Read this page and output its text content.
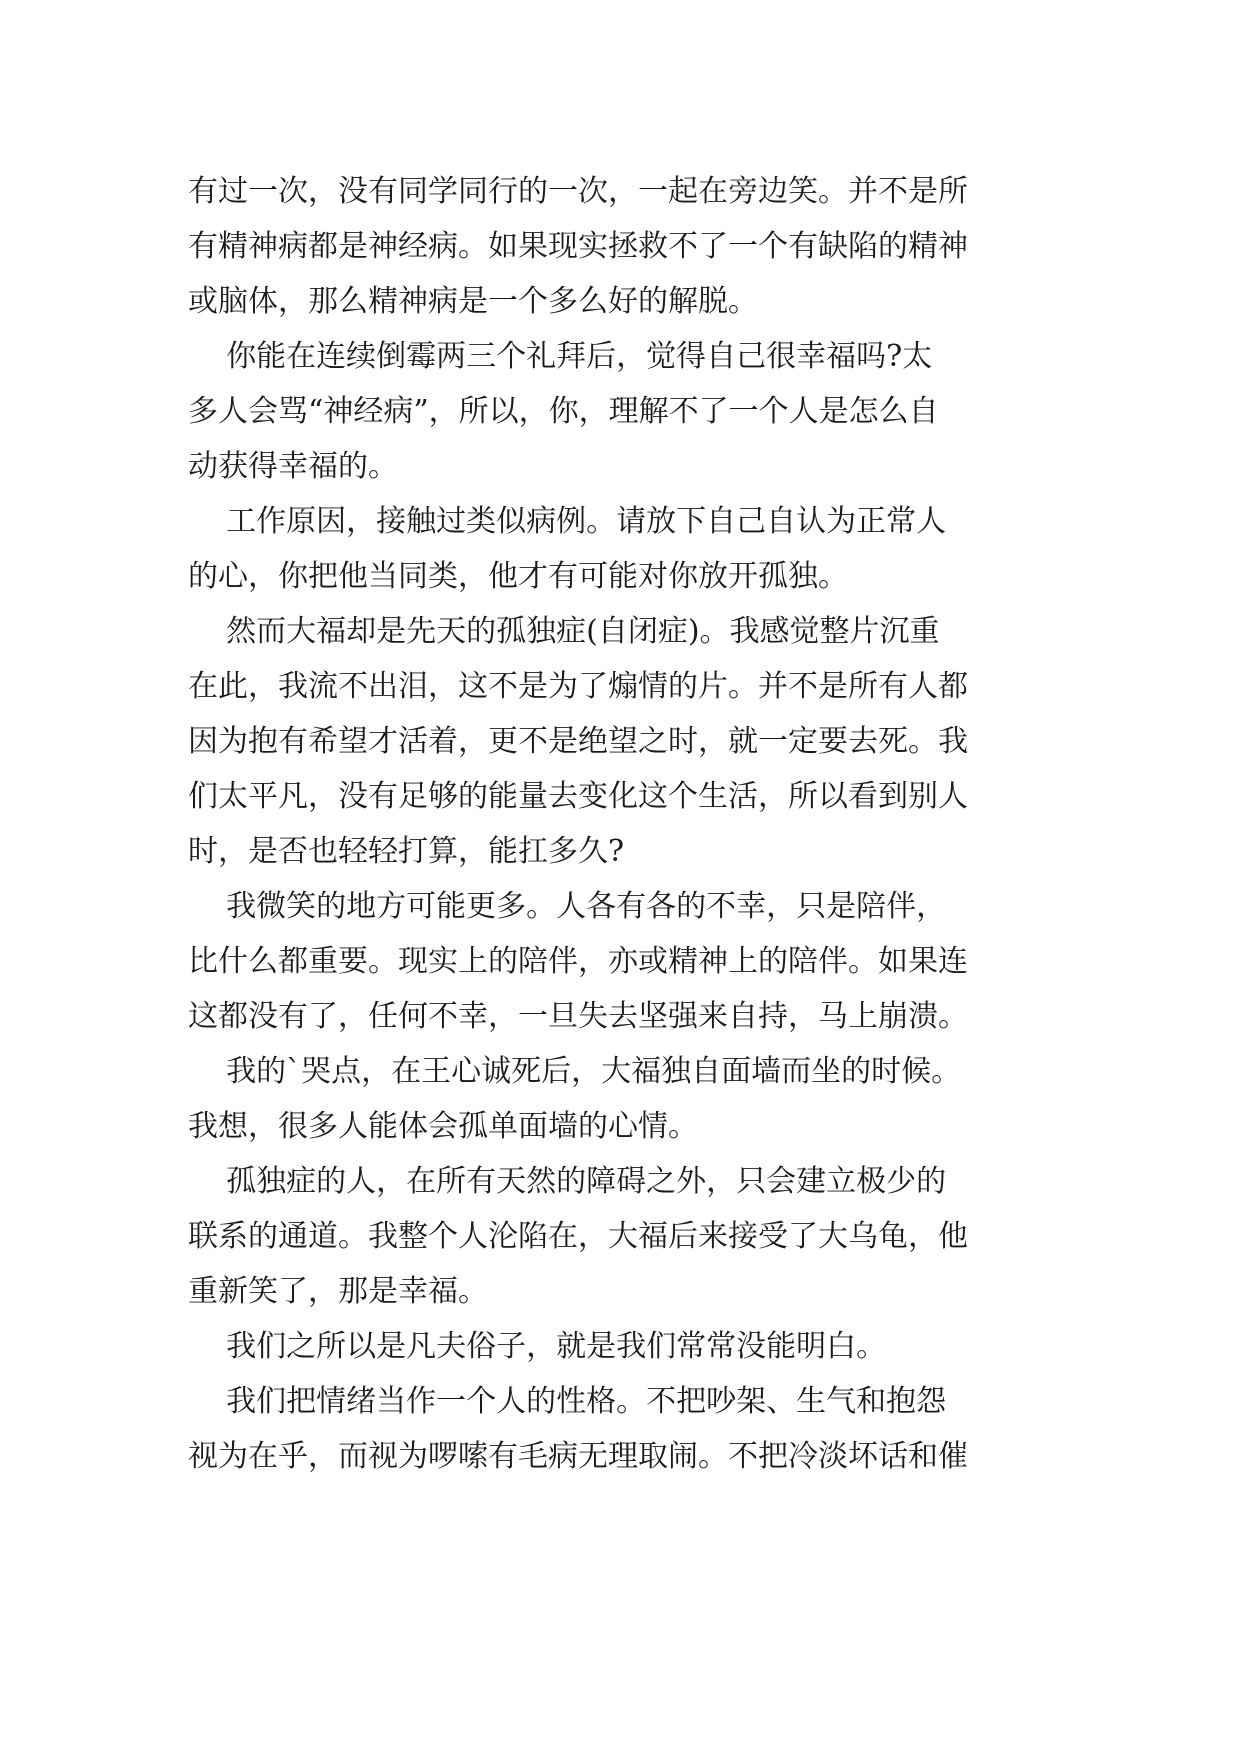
有过一次，没有同学同行的一次，一起在旁边笑。并不是所
有精神病都是神经病。如果现实拯救不了一个有缺陷的精神
或脑体，那么精神病是一个多么好的解脱。
你能在连续倒霉两三个礼拜后，觉得自己很幸福吗?太
多人会骂“神经病”，所以，你，理解不了一个人是怎么自
动获得幸福的。
工作原因，接触过类似病例。请放下自己自认为正常人
的心，你把他当同类，他才有可能对你放开孤独。
然而大福却是先天的孤独症(自闭症)。我感觉整片沉重
在此，我流不出泪，这不是为了煽情的片。并不是所有人都
因为抱有希望才活着，更不是绝望之时，就一定要去死。我
们太平凡，没有足够的能量去变化这个生活，所以看到别人
时，是否也轻轻打算，能扛多久?
我微笑的地方可能更多。人各有各的不幸，只是陪伴，
比什么都重要。现实上的陪伴，亦或精神上的陪伴。如果连
这都没有了，任何不幸，一旦失去坚强来自持，马上崩溃。
我的`哭点，在王心诚死后，大福独自面墙而坐的时候。
我想，很多人能体会孤单面墙的心情。
孤独症的人，在所有天然的障碍之外，只会建立极少的
联系的通道。我整个人沦陷在，大福后来接受了大乌龟，他
重新笑了，那是幸福。
我们之所以是凡夫俗子，就是我们常常没能明白。
我们把情绪当作一个人的性格。不把吵架、生气和抱怨
视为在乎，而视为啰嗦有毛病无理取闹。不把冷淡坏话和催
